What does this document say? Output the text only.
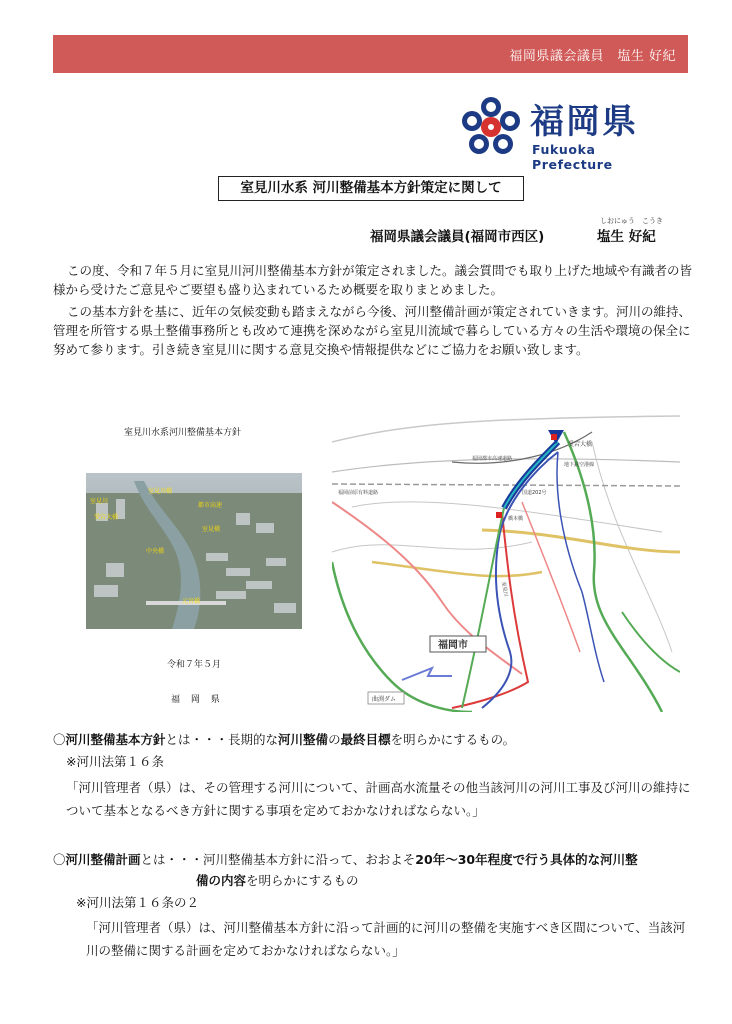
福岡県議会議員　塩生 好紀
福岡県
Fukuoka Prefecture
室見川水系 河川整備基本方針策定に関して
しおにゅう こうき
福岡県議会議員(福岡市西区)	塩生 好紀
この度、令和７年５月に室見川河川整備基本方針が策定されました。議会質問でも取り上げた地域や有識者の皆様から受けたご意見やご要望も盛り込まれているため概要を取りまとめました。
この基本方針を基に、近年の気候変動も踏まえながら今後、河川整備計画が策定されていきます。河川の維持、管理を所管する県土整備事務所とも改めて連携を深めながら室見川流域で暮らしている方々の生活や環境の保全に努めて参ります。引き続き室見川に関する意見交換や情報提供などにご協力をお願い致します。
室見川水系河川整備基本方針
室見川
愛宕大橋
室見川橋
都市高速
室見橋
中央橋
元宮橋
令和７年５月
福 岡 県
愛宕大橋
福岡都市高速道路
地下鉄空港線
国道202号
福岡前原有料道路
橋本橋
福岡市
曲渕ダム
室見川
〇河川整備基本方針とは・・・長期的な河川整備の最終目標を明らかにするもの。
※河川法第１６条
「河川管理者（県）は、その管理する河川について、計画高水流量その他当該河川の河川工事及び河川の維持について基本となるべき方針に関する事項を定めておかなければならない。」
〇河川整備計画とは・・・河川整備基本方針に沿って、おおよそ20年～30年程度で行う具体的な河川整
備の内容を明らかにするもの
※河川法第１６条の２
「河川管理者（県）は、河川整備基本方針に沿って計画的に河川の整備を実施すべき区間について、当該河川の整備に関する計画を定めておかなければならない。」
